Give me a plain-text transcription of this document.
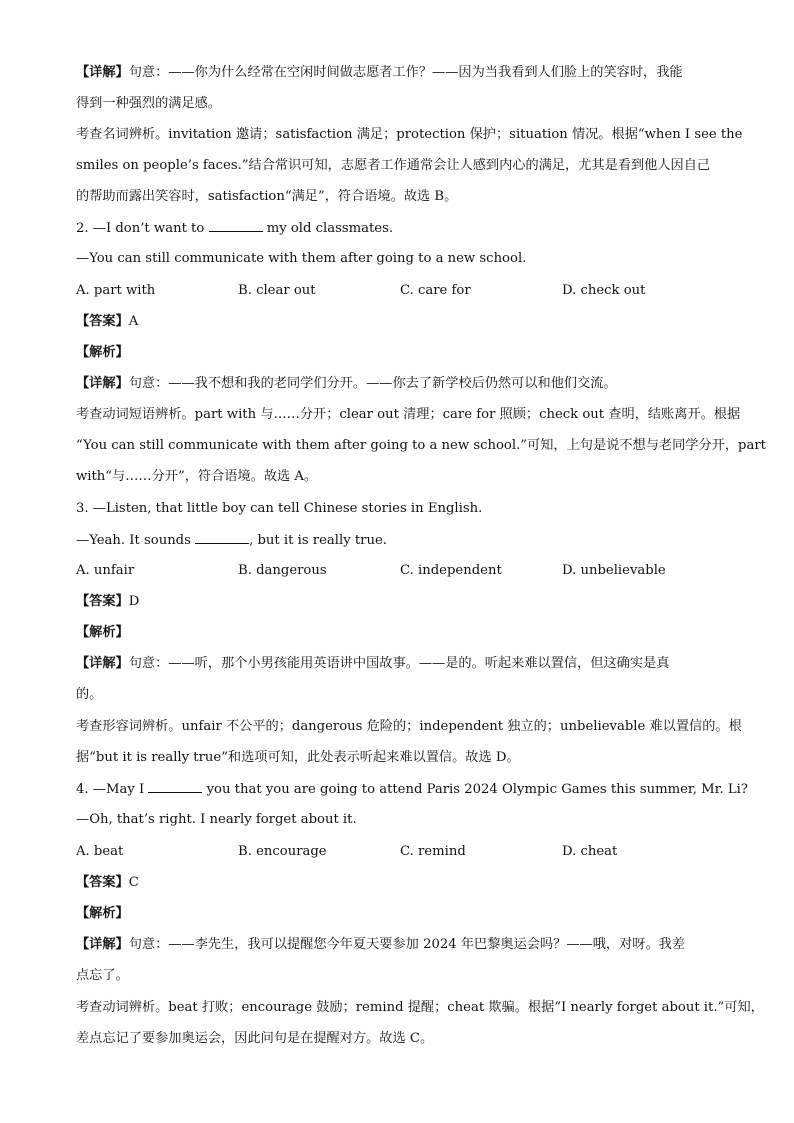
【详解】句意：——你为什么经常在空闲时间做志愿者工作？——因为当我看到人们脸上的笑容时，我能
得到一种强烈的满足感。
考查名词辨析。invitation 邀请；satisfaction 满足；protection 保护；situation 情况。根据“when I see the
smiles on people’s faces.”结合常识可知，志愿者工作通常会让人感到内心的满足，尤其是看到他人因自己
的帮助而露出笑容时，satisfaction“满足”，符合语境。故选 B。
2. —I don’t want to	my old classmates.
—You can still communicate with them after going to a new school.
A. part with	B. clear out	C. care for	D. check out
【答案】A
【解析】
【详解】句意：——我不想和我的老同学们分开。——你去了新学校后仍然可以和他们交流。
考查动词短语辨析。part with 与……分开；clear out 清理；care for 照顾；check out 查明，结账离开。根据
“You can still communicate with them after going to a new school.”可知，上句是说不想与老同学分开，part
with“与……分开”，符合语境。故选 A。
3. —Listen, that little boy can tell Chinese stories in English.
—Yeah. It sounds	, but it is really true.
A. unfair	B. dangerous	C. independent	D. unbelievable
【答案】D
【解析】
【详解】句意：——听，那个小男孩能用英语讲中国故事。——是的。听起来难以置信，但这确实是真
的。
考查形容词辨析。unfair 不公平的；dangerous 危险的；independent 独立的；unbelievable 难以置信的。根
据“but it is really true”和选项可知，此处表示听起来难以置信。故选 D。
4. —May I	you that you are going to attend Paris 2024 Olympic Games this summer, Mr. Li?
—Oh, that’s right. I nearly forget about it.
A. beat	B. encourage	C. remind	D. cheat
【答案】C
【解析】
【详解】句意：——李先生，我可以提醒您今年夏天要参加 2024 年巴黎奥运会吗？——哦，对呀。我差
点忘了。
考查动词辨析。beat 打败；encourage 鼓励；remind 提醒；cheat 欺骗。根据“I nearly forget about it.”可知，
差点忘记了要参加奥运会，因此问句是在提醒对方。故选 C。
